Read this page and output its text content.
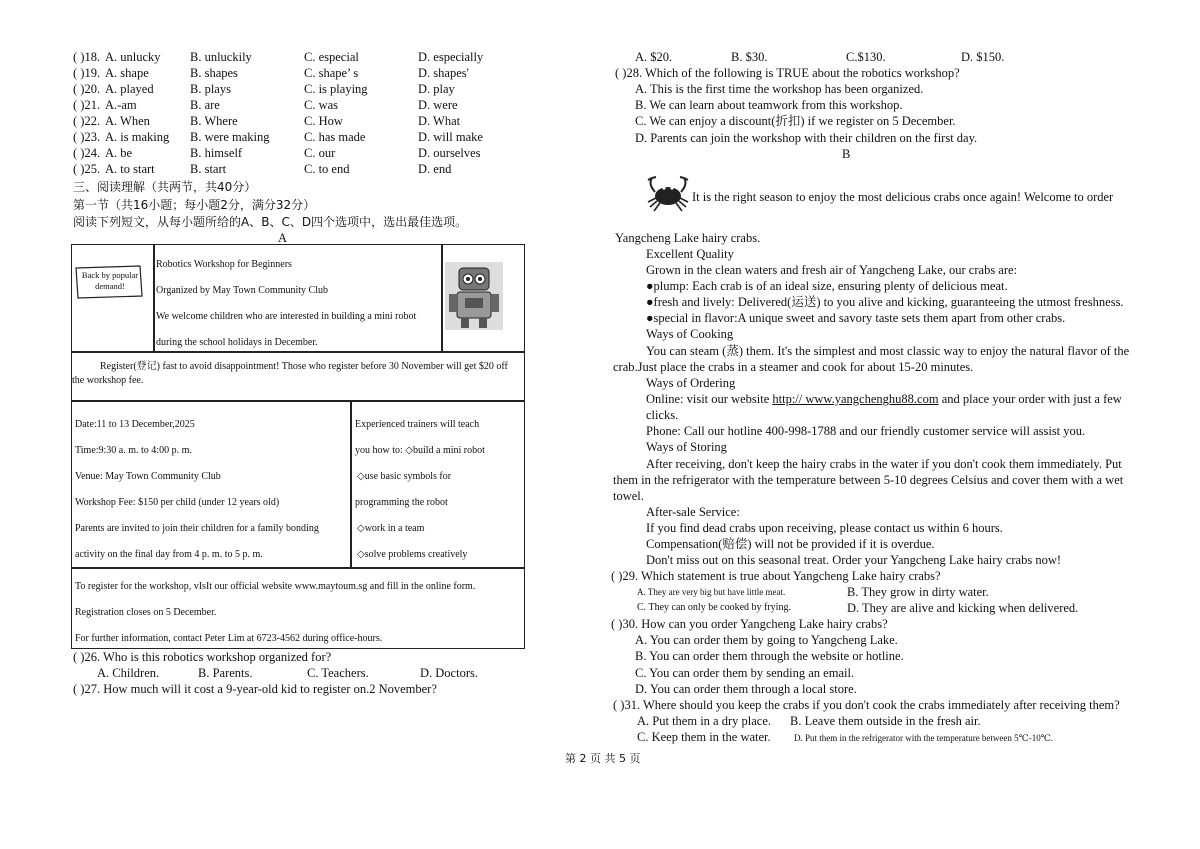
( )18. A. unlucky B. unluckily	C. especial	D. especially
( )19. A. shape	B. shapes	C. shape’ s	D. shapes'
( )20. A. played	B. plays	C. is playing	D. play
( )21. A.-am	B. are	C. was	D. were
( )22. A. When	B. Where	C. How	D. What
( )23. A. is making B. were making	C. has made	D. will make
( )24. A. be	B. himself	C. our	D. ourselves
( )25. A. to start	B. start	C. to end	D. end
三、阅读理解（共两节，共40分）
第一节（共16小题；每小题2分，满分32分）
阅读下列短文，从每小题所给的A、B、C、D四个选项中，选出最佳选项。
A
Back by popular demand!
Robotics Workshop for Beginners
Organized by May Town Community Club
We welcome children who are interested in building a mini robot
during the school holidays in December.
Register(登记) fast to avoid disappointment! Those who register before 30 November will get $20 off
the workshop fee.
Date:11 to 13 December,2025
Time:9:30 a. m. to 4:00 p. m.
Venue: May Town Community Club
Workshop Fee: $150 per child (under 12 years old)
Parents are invited to join their children for a family bonding
activity on the final day from 4 p. m. to 5 p. m.
Experienced trainers will teach
you how to: ◇build a mini robot
◇use basic symbols for
programming the robot
◇work in a team
◇solve problems creatively
To register for the workshop, vIsIt our official website www.maytoum.sg and fill in the online form.
Registration closes on 5 December.
For further information, contact Peter Lim at 6723-4562 during office-hours.
( )26. Who is this robotics workshop organized for?
A. Children.	B. Parents.	C. Teachers.	D. Doctors.
( )27. How much will it cost a 9-year-old kid to register on.2 November?
A. $20.	B. $30.	C.$130.	D. $150.
( )28. Which of the following is TRUE about the robotics workshop?
A. This is the first time the workshop has been organized.
B. We can learn about teamwork from this workshop.
C. We can enjoy a discount(折扣) if we register on 5 December.
D. Parents can join the workshop with their children on the first day.
B
It is the right season to enjoy the most delicious crabs once again! Welcome to order
Yangcheng Lake hairy crabs.
Excellent Quality
Grown in the clean waters and fresh air of Yangcheng Lake, our crabs are:
●plump: Each crab is of an ideal size, ensuring plenty of delicious meat.
●fresh and lively: Delivered(运送) to you alive and kicking, guaranteeing the utmost freshness.
●special in flavor:A unique sweet and savory taste sets them apart from other crabs.
Ways of Cooking
You can steam (蒸) them. It's the simplest and most classic way to enjoy the natural flavor of the
crab.Just place the crabs in a steamer and cook for about 15-20 minutes.
Ways of Ordering
Online: visit our website http:// www.yangchenghu88.com and place your order with just a few
clicks.
Phone: Call our hotline 400-998-1788 and our friendly customer service will assist you.
Ways of Storing
After receiving, don't keep the hairy crabs in the water if you don't cook them immediately. Put
them in the refrigerator with the temperature between 5-10 degrees Celsius and cover them with a wet
towel.
After-sale Service:
If you find dead crabs upon receiving, please contact us within 6 hours.
Compensation(赔偿) will not be provided if it is overdue.
Don't miss out on this seasonal treat. Order your Yangcheng Lake hairy crabs now!
( )29. Which statement is true about Yangcheng Lake hairy crabs?
A. They are very big but have little meat.	B. They grow in dirty water.
C. They can only be cooked by frying.	D. They are alive and kicking when delivered.
( )30. How can you order Yangcheng Lake hairy crabs?
A. You can order them by going to Yangcheng Lake.
B. You can order them through the website or hotline.
C. You can order them by sending an email.
D. You can order them through a local store.
( )31. Where should you keep the crabs if you don't cook the crabs immediately after receiving them?
A. Put them in a dry place. B. Leave them outside in the fresh air.
C. Keep them in the water.	D. Put them in the refrigerator with the temperature between 5℃-10℃.
第 2 页 共 5 页
